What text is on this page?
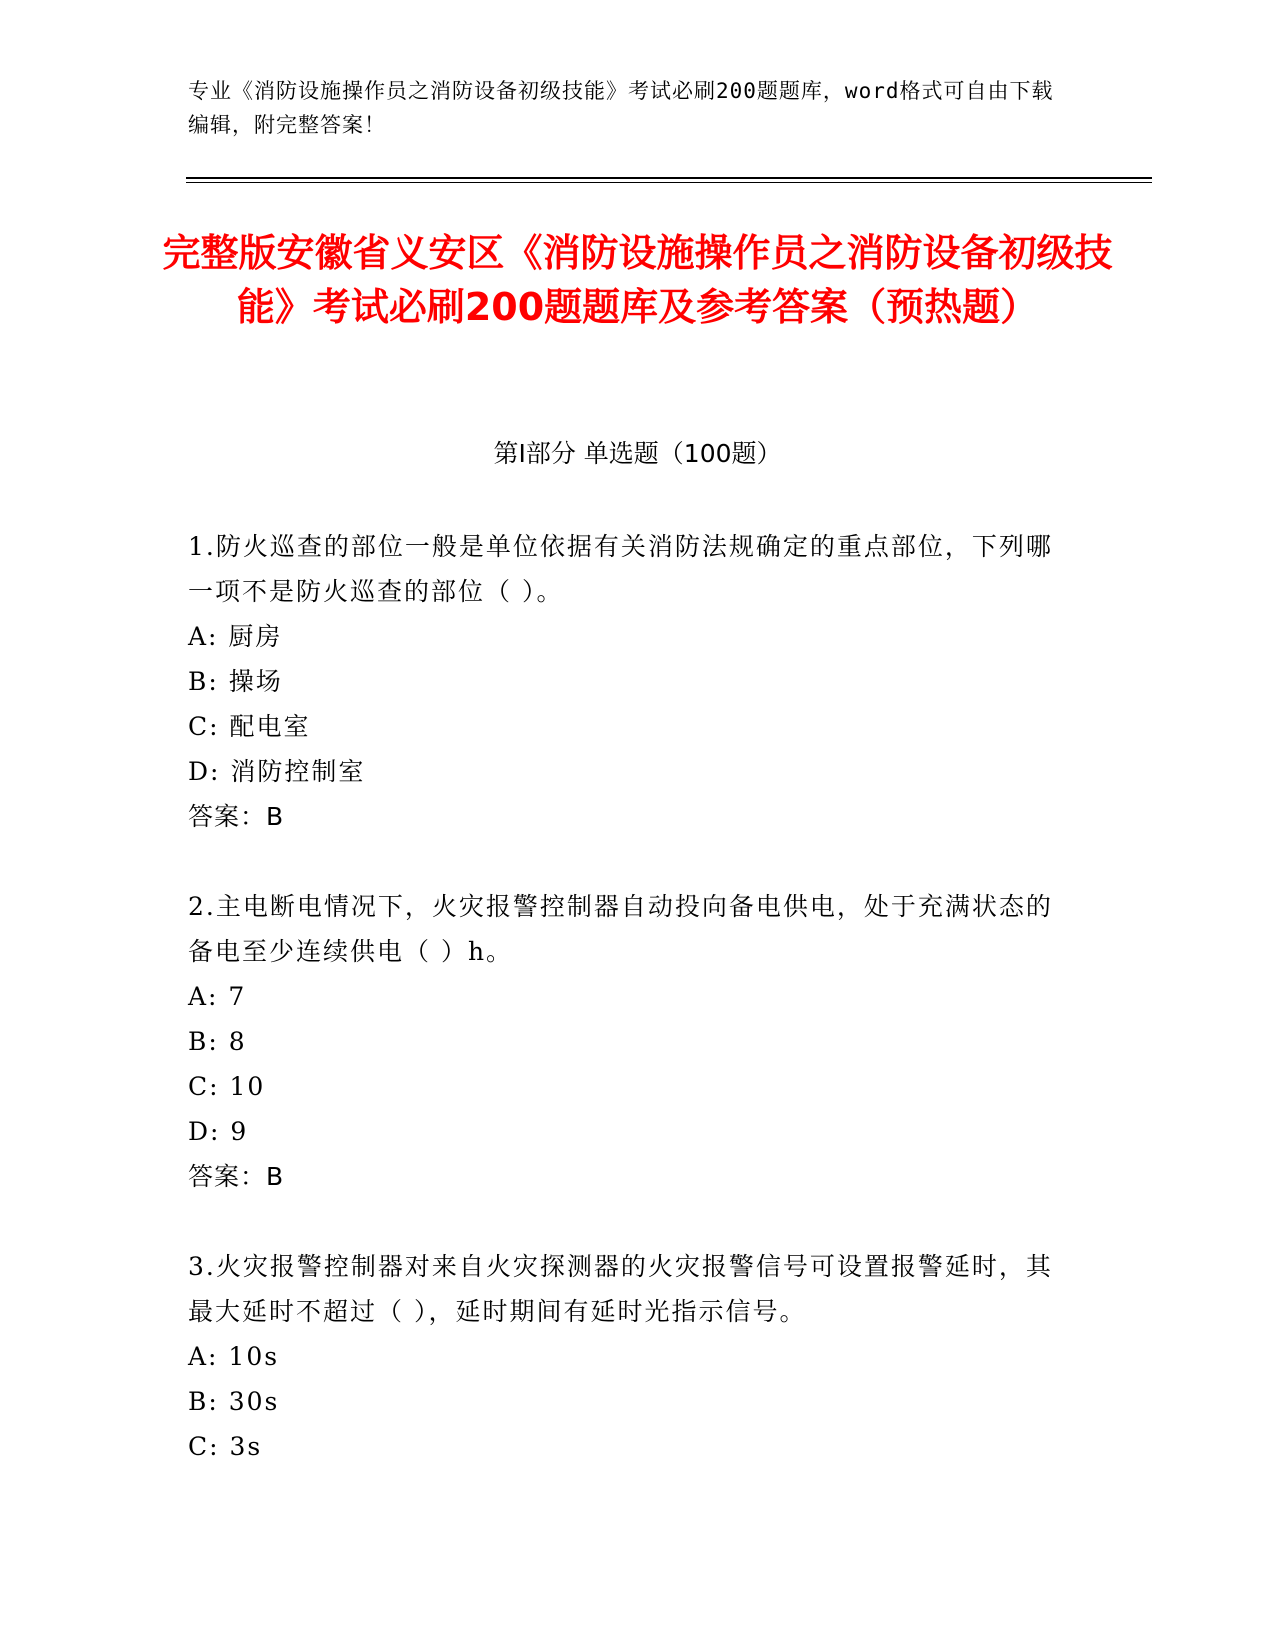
专业《消防设施操作员之消防设备初级技能》考试必刷200题题库，word格式可自由下载编辑，附完整答案！
完整版安徽省义安区《消防设施操作员之消防设备初级技能》考试必刷200题题库及参考答案（预热题）
第I部分 单选题（100题）
1.防火巡查的部位一般是单位依据有关消防法规确定的重点部位，下列哪一项不是防火巡查的部位（ ）。
A: 厨房
B: 操场
C: 配电室
D: 消防控制室
答案：B
2.主电断电情况下，火灾报警控制器自动投向备电供电，处于充满状态的备电至少连续供电（ ）h。
A: 7
B: 8
C: 10
D: 9
答案：B
3.火灾报警控制器对来自火灾探测器的火灾报警信号可设置报警延时，其最大延时不超过（ ），延时期间有延时光指示信号。
A: 10s
B: 30s
C: 3s
